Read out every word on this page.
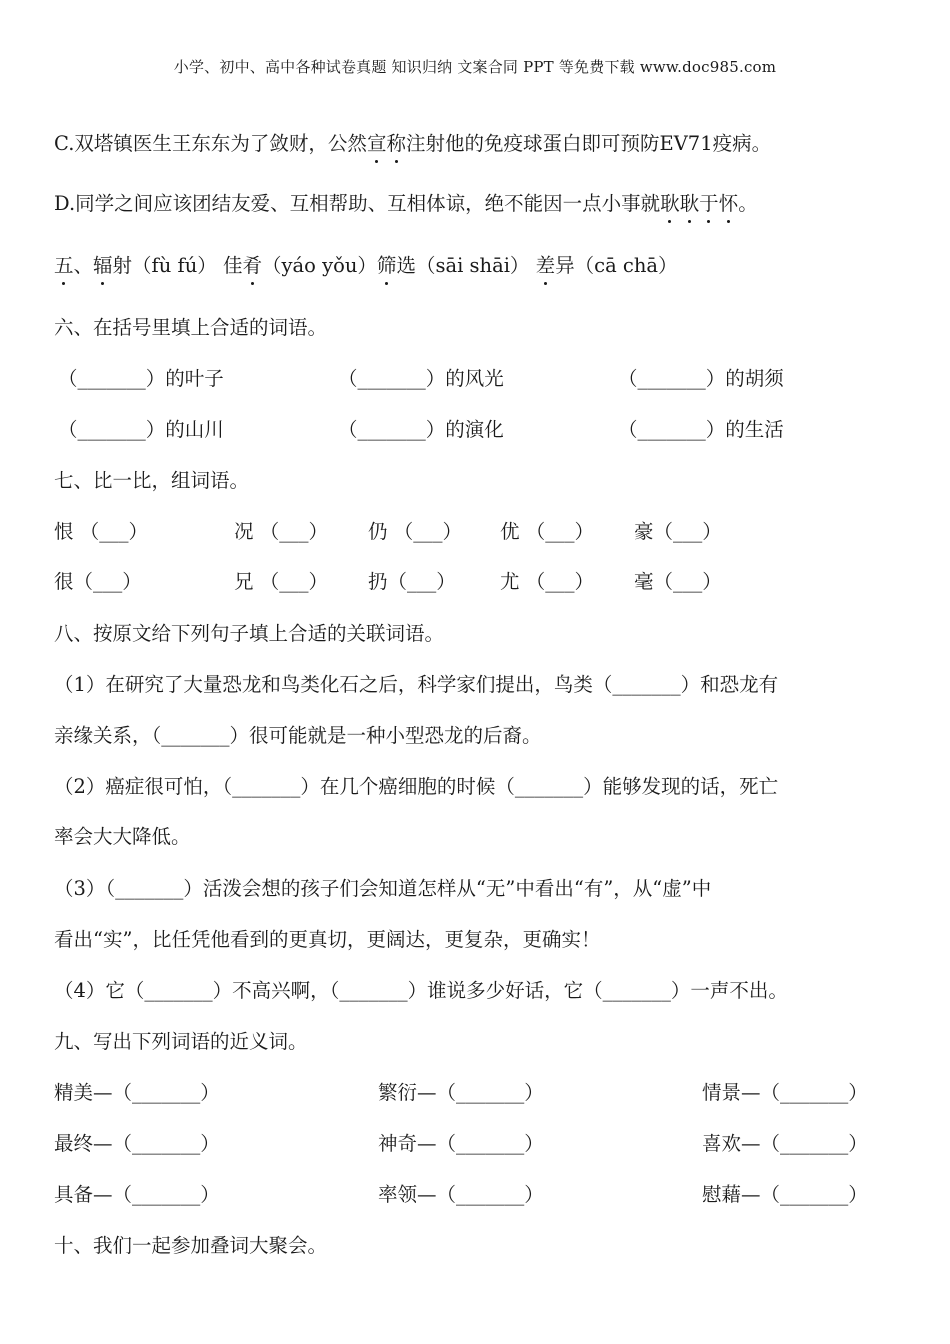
小学、初中、高中各种试卷真题 知识归纳 文案合同 PPT 等免费下载 www.doc985.com
C.双塔镇医生王东东为了敛财，公然宣称注射他的免疫球蛋白即可预防EV71疫病。
D.同学之间应该团结友爱、互相帮助、互相体谅，绝不能因一点小事就耿耿于怀。
五、辐射（fù fú） 佳肴（yáo yǒu）筛选（sāi shāi） 差异（cā chā）
六、在括号里填上合适的词语。
（_______）的叶子	（_______）的风光	（_______）的胡须
（_______）的山川	（_______）的演化	（_______）的生活
七、比一比，组词语。
恨 （___）	况 （___） 仍 （___） 优 （___） 豪（___）
很（___）	兄 （___） 扔（___） 尤 （___） 毫（___）
八、按原文给下列句子填上合适的关联词语。
（1）在研究了大量恐龙和鸟类化石之后，科学家们提出，鸟类（_______）和恐龙有
亲缘关系，（_______）很可能就是一种小型恐龙的后裔。
（2）癌症很可怕，（_______）在几个癌细胞的时候（_______）能够发现的话，死亡
率会大大降低。
（3）（_______）活泼会想的孩子们会知道怎样从“无”中看出“有”，从“虚”中
看出“实”，比任凭他看到的更真切，更阔达，更复杂，更确实！
（4）它（_______）不高兴啊，（_______）谁说多少好话，它（_______）一声不出。
九、写出下列词语的近义词。
精美—（_______）	繁衍—（_______）	情景—（_______）
最终—（_______）	神奇—（_______）	喜欢—（_______）
具备—（_______）	率领—（_______）	慰藉—（_______）
十、我们一起参加叠词大聚会。
